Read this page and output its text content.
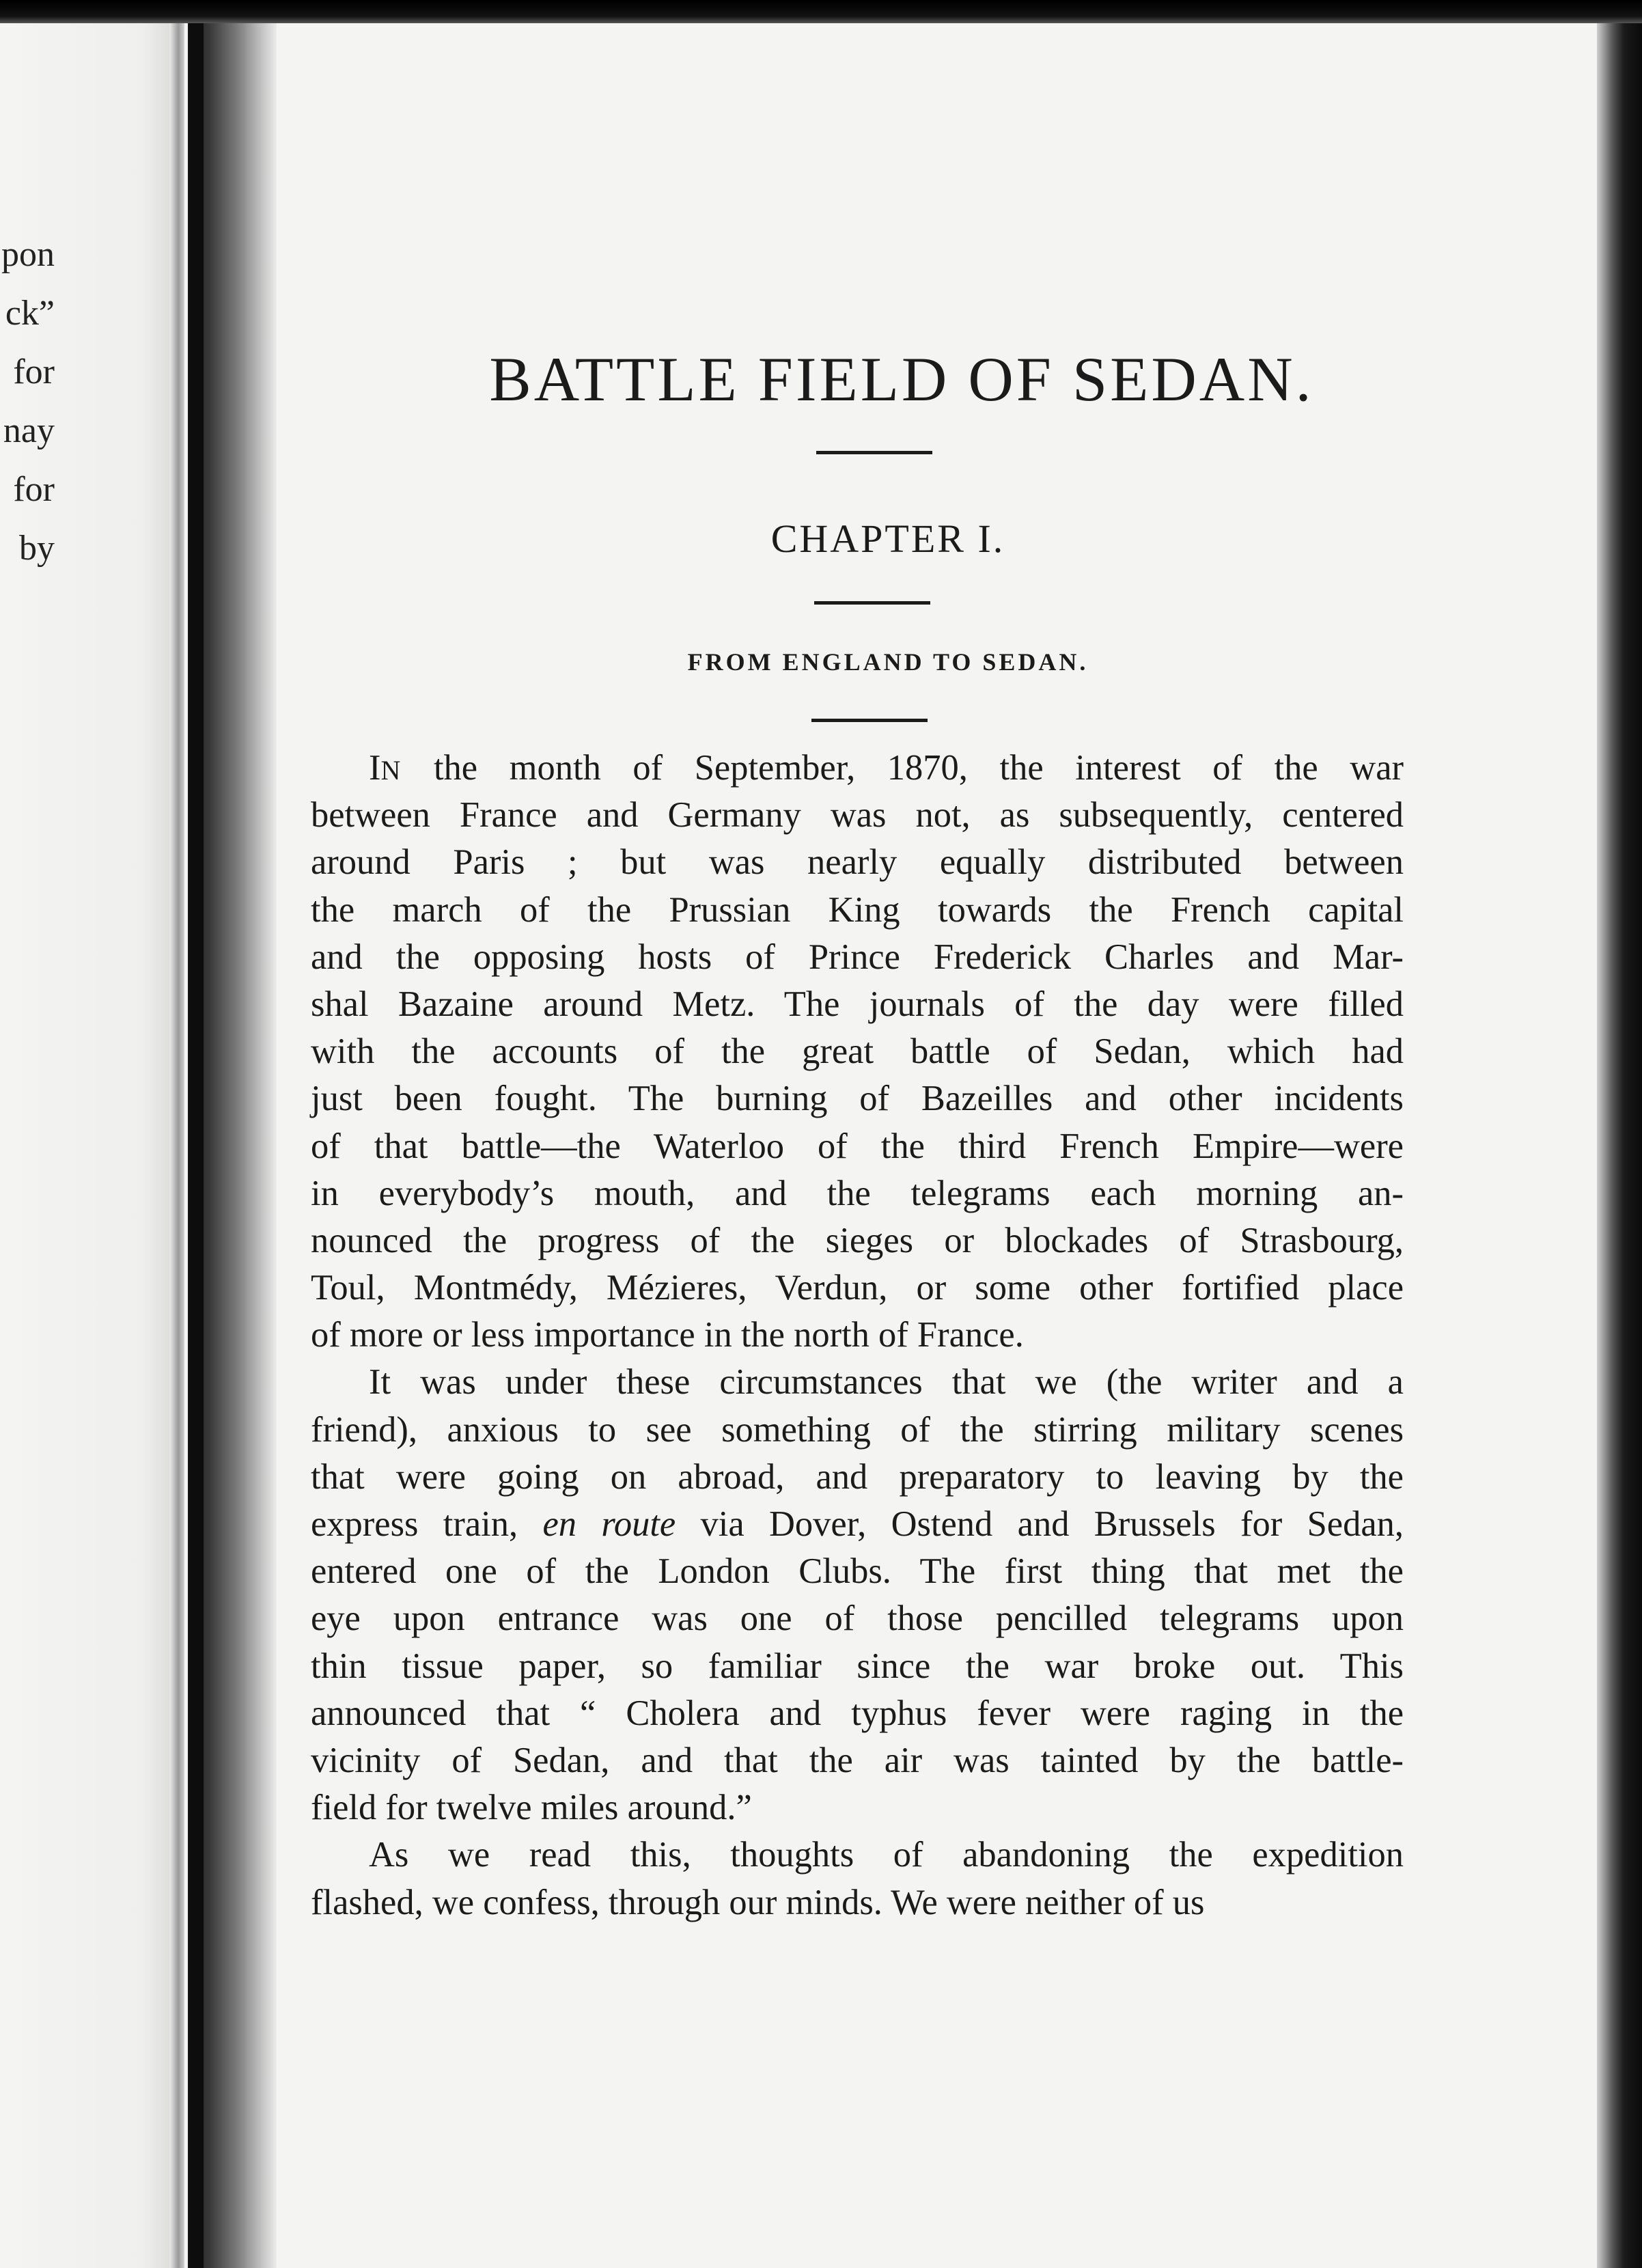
pon
ck”
for
nay
for
by
BATTLE FIELD OF SEDAN.
CHAPTER I.
FROM ENGLAND TO SEDAN.
IN the month of September, 1870, the interest of the war
between France and Germany was not, as subsequently, centered
around Paris ; but was nearly equally distributed between
the march of the Prussian King towards the French capital
and the opposing hosts of Prince Frederick Charles and Mar-
shal Bazaine around Metz. The journals of the day were filled
with the accounts of the great battle of Sedan, which had
just been fought. The burning of Bazeilles and other incidents
of that battle—the Waterloo of the third French Empire—were
in everybody’s mouth, and the telegrams each morning an-
nounced the progress of the sieges or blockades of Strasbourg,
Toul, Montmédy, Mézieres, Verdun, or some other fortified place
of more or less importance in the north of France.
It was under these circumstances that we (the writer and a
friend), anxious to see something of the stirring military scenes
that were going on abroad, and preparatory to leaving by the
express train, en route via Dover, Ostend and Brussels for Sedan,
entered one of the London Clubs. The first thing that met the
eye upon entrance was one of those pencilled telegrams upon
thin tissue paper, so familiar since the war broke out. This
announced that “ Cholera and typhus fever were raging in the
vicinity of Sedan, and that the air was tainted by the battle-
field for twelve miles around.”
As we read this, thoughts of abandoning the expedition
flashed, we confess, through our minds. We were neither of us
